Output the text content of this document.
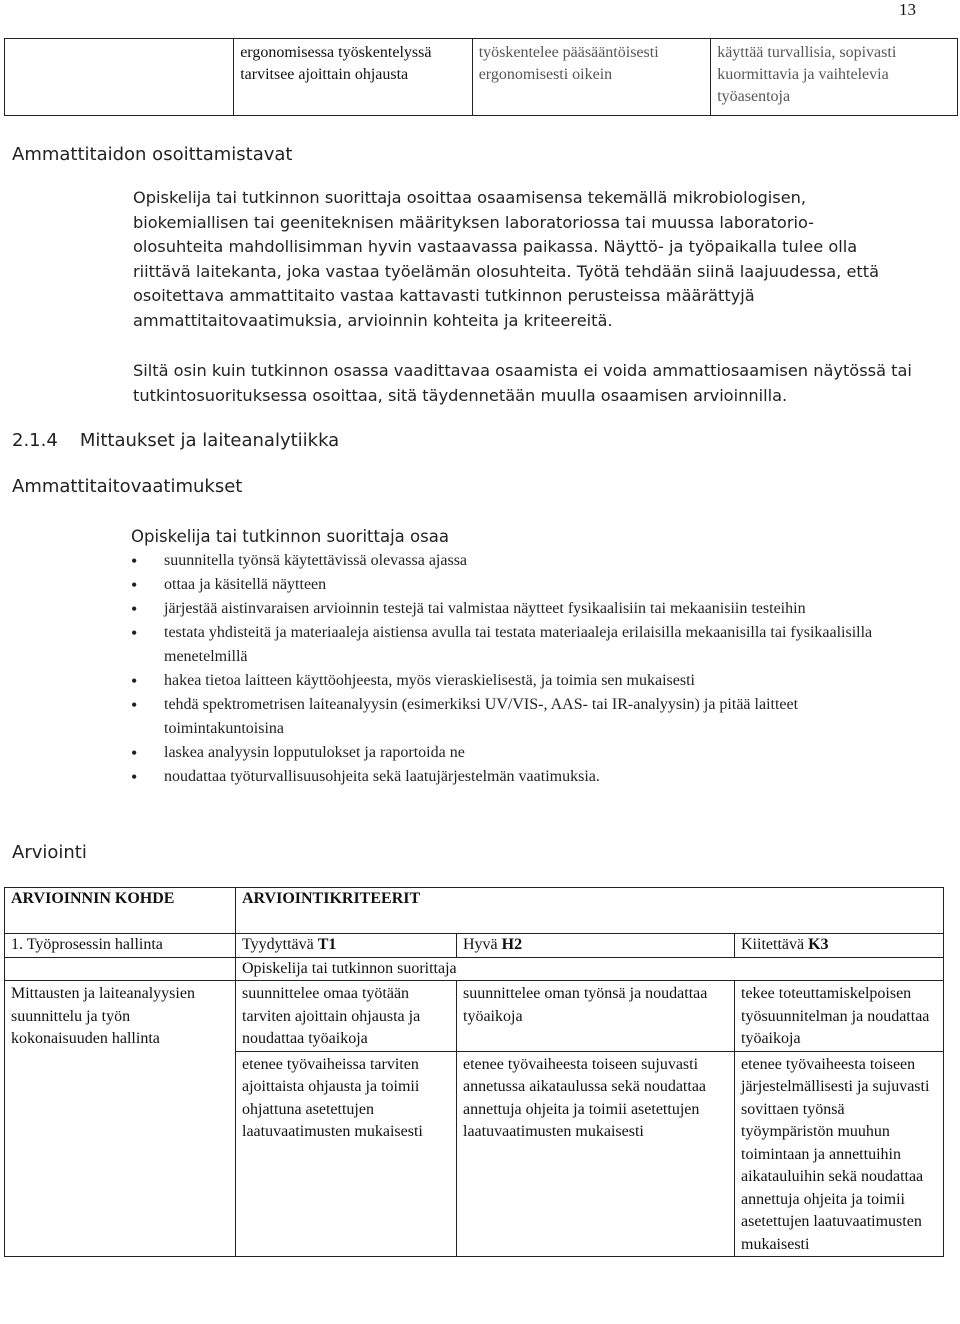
13
	ergonomisessa työskentelyssä tarvitsee ajoittain ohjausta	työskentelee pääsääntöisesti ergonomisesti oikein	käyttää turvallisia, sopivasti kuormittavia ja vaihtelevia työasentoja
Ammattitaidon osoittamistavat
Opiskelija tai tutkinnon suorittaja osoittaa osaamisensa tekemällä mikrobiologisen, biokemiallisen tai geeniteknisen määrityksen laboratoriossa tai muussa laboratorio-olosuhteita mahdollisimman hyvin vastaavassa paikassa. Näyttö- ja työpaikalla tulee olla riittävä laitekanta, joka vastaa työelämän olosuhteita. Työtä tehdään siinä laajuudessa, että osoitettava ammattitaito vastaa kattavasti tutkinnon perusteissa määrättyjä ammattitaitovaatimuksia, arvioinnin kohteita ja kriteereitä.
Siltä osin kuin tutkinnon osassa vaadittavaa osaamista ei voida ammattiosaamisen näytössä tai tutkintosuorituksessa osoittaa, sitä täydennetään muulla osaamisen arvioinnilla.
2.1.4 Mittaukset ja laiteanalytiikka
Ammattitaitovaatimukset
Opiskelija tai tutkinnon suorittaja osaa
• suunnitella työnsä käytettävissä olevassa ajassa
• ottaa ja käsitellä näytteen
• järjestää aistinvaraisen arvioinnin testejä tai valmistaa näytteet fysikaalisiin tai mekaanisiin testeihin
• testata yhdisteitä ja materiaaleja aistiensa avulla tai testata materiaaleja erilaisilla mekaanisilla tai fysikaalisilla menetelmillä
• hakea tietoa laitteen käyttöohjeesta, myös vieraskielisestä, ja toimia sen mukaisesti
• tehdä spektrometrisen laiteanalyysin (esimerkiksi UV/VIS-, AAS- tai IR-analyysin) ja pitää laitteet toimintakuntoisina
• laskea analyysin lopputulokset ja raportoida ne
• noudattaa työturvallisuusohjeita sekä laatujärjestelmän vaatimuksia.
Arviointi
ARVIOINNIN KOHDE	ARVIOINTIKRITEERIT		
1. Työprosessin hallinta	Tyydyttävä T1	Hyvä H2	Kiitettävä K3
	Opiskelija tai tutkinnon suorittaja		
Mittausten ja laiteanalyysien suunnittelu ja työn kokonaisuuden hallinta	suunnittelee omaa työtään tarviten ajoittain ohjausta ja noudattaa työaikoja	suunnittelee oman työnsä ja noudattaa työaikoja	tekee toteuttamiskelpoisen työsuunnitelman ja noudattaa työaikoja
	etenee työvaiheissa tarviten ajoittaista ohjausta ja toimii ohjattuna asetettujen laatuvaatimusten mukaisesti	etenee työvaiheesta toiseen sujuvasti annetussa aikataulussa sekä noudattaa annettuja ohjeita ja toimii asetettujen laatuvaatimusten mukaisesti	etenee työvaiheesta toiseen järjestelmällisesti ja sujuvasti sovittaen työnsä työympäristön muuhun toimintaan ja annettuihin aikatauluihin sekä noudattaa annettuja ohjeita ja toimii asetettujen laatuvaatimusten mukaisesti
